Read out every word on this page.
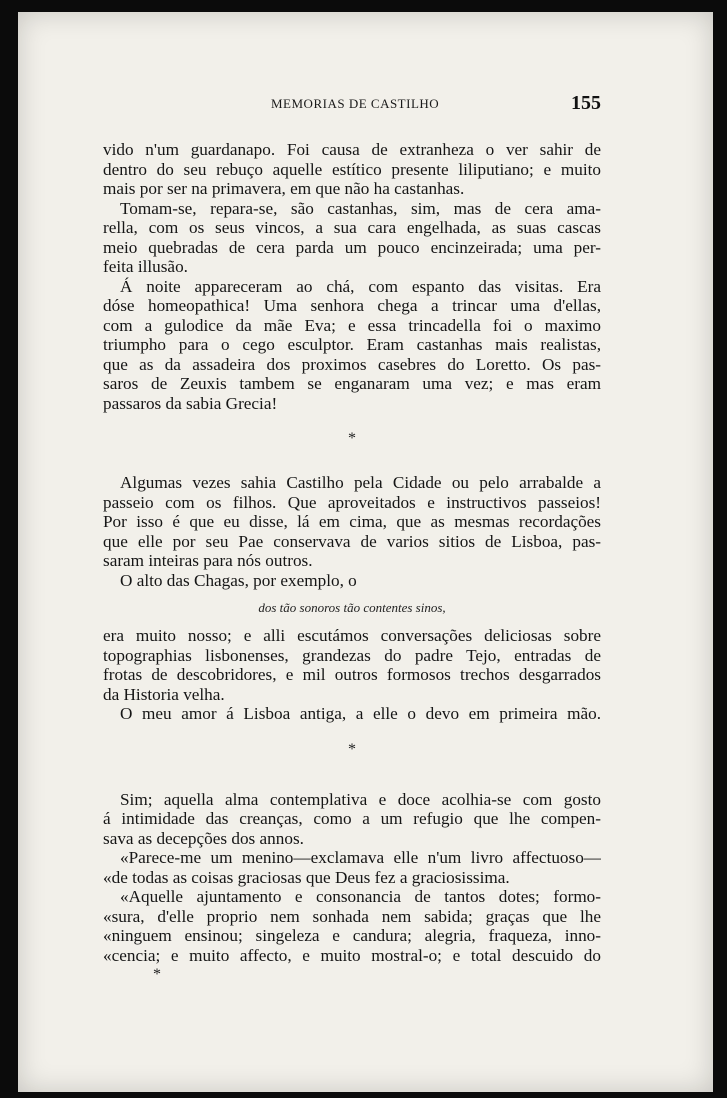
MEMORIAS DE CASTILHO	155
vido n'um guardanapo. Foi causa de extranheza o ver sahir de
dentro do seu rebuço aquelle estítico presente liliputiano; e muito
mais por ser na primavera, em que não ha castanhas.
Tomam-se, repara-se, são castanhas, sim, mas de cera ama-
rella, com os seus vincos, a sua cara engelhada, as suas cascas
meio quebradas de cera parda um pouco encinzeirada; uma per-
feita illusão.
Á noite appareceram ao chá, com espanto das visitas. Era
dóse homeopathica! Uma senhora chega a trincar uma d'ellas,
com a gulodice da mãe Eva; e essa trincadella foi o maximo
triumpho para o cego esculptor. Eram castanhas mais realistas,
que as da assadeira dos proximos casebres do Loretto. Os pas-
saros de Zeuxis tambem se enganaram uma vez; e mas eram
passaros da sabia Grecia!
*
Algumas vezes sahia Castilho pela Cidade ou pelo arrabalde a
passeio com os filhos. Que aproveitados e instructivos passeios!
Por isso é que eu disse, lá em cima, que as mesmas recordações
que elle por seu Pae conservava de varios sitios de Lisboa, pas-
saram inteiras para nós outros.
O alto das Chagas, por exemplo, o
dos tão sonoros tão contentes sinos,
era muito nosso; e alli escutámos conversações deliciosas sobre
topographias lisbonenses, grandezas do padre Tejo, entradas de
frotas de descobridores, e mil outros formosos trechos desgarrados
da Historia velha.
O meu amor á Lisboa antiga, a elle o devo em primeira mão.
*
Sim; aquella alma contemplativa e doce acolhia-se com gosto
á intimidade das creanças, como a um refugio que lhe compen-
sava as decepções dos annos.
«Parece-me um menino—exclamava elle n'um livro affectuoso—
«de todas as coisas graciosas que Deus fez a graciosissima.
«Aquelle ajuntamento e consonancia de tantos dotes; formo-
«sura, d'elle proprio nem sonhada nem sabida; graças que lhe
«ninguem ensinou; singeleza e candura; alegria, fraqueza, inno-
«cencia; e muito affecto, e muito mostral-o; e total descuido do
*
